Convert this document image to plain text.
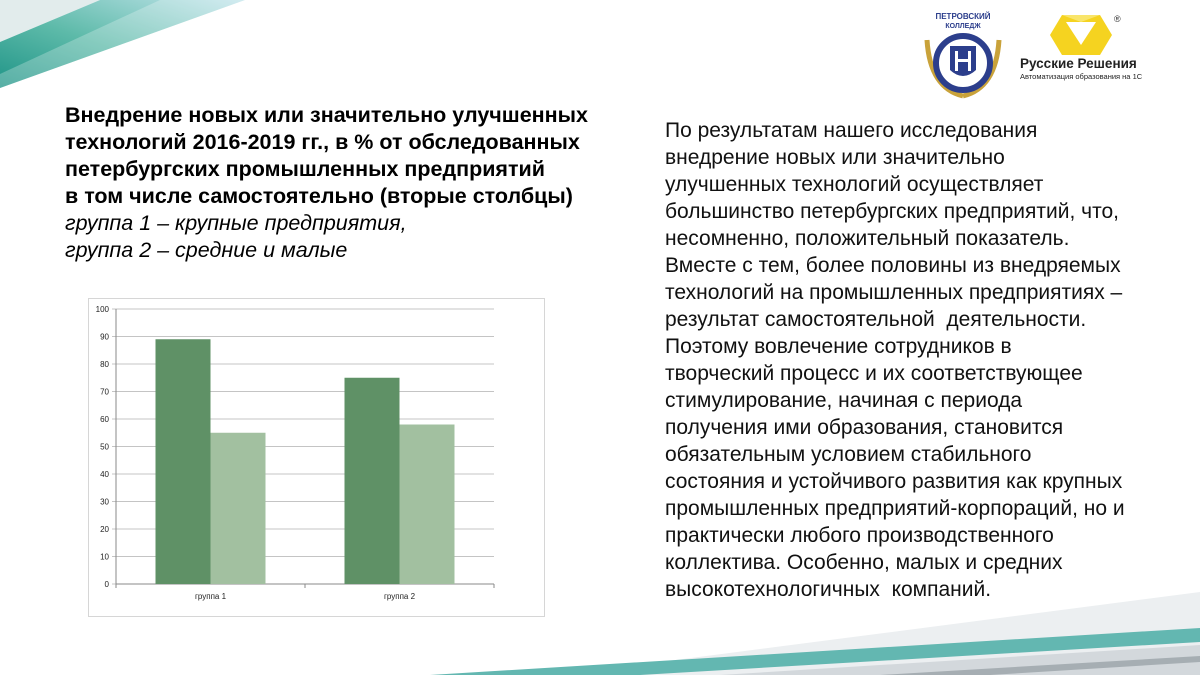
ПЕТРОВСКИЙ
КОЛЛЕДЖ
®
Русские Решения
Автоматизация образования на 1С
Внедрение новых или значительно улучшенных
технологий 2016-2019 гг., в % от обследованных
петербургских промышленных предприятий
в том числе самостоятельно (вторые столбцы)
группа 1 – крупные предприятия,
группа 2 – средние и малые
0
10
20
30
40
50
60
70
80
90
100
группа 1	группа 2
По результатам нашего исследования
внедрение новых или значительно
улучшенных технологий осуществляет
большинство петербургских предприятий, что,
несомненно, положительный показатель.
Вместе с тем, более половины из внедряемых
технологий на промышленных предприятиях –
результат самостоятельной  деятельности.
Поэтому вовлечение сотрудников в
творческий процесс и их соответствующее
стимулирование, начиная с периода
получения ими образования, становится
обязательным условием стабильного
состояния и устойчивого развития как крупных
промышленных предприятий-корпораций, но и
практически любого производственного
коллектива. Особенно, малых и средних
высокотехнологичных  компаний.
